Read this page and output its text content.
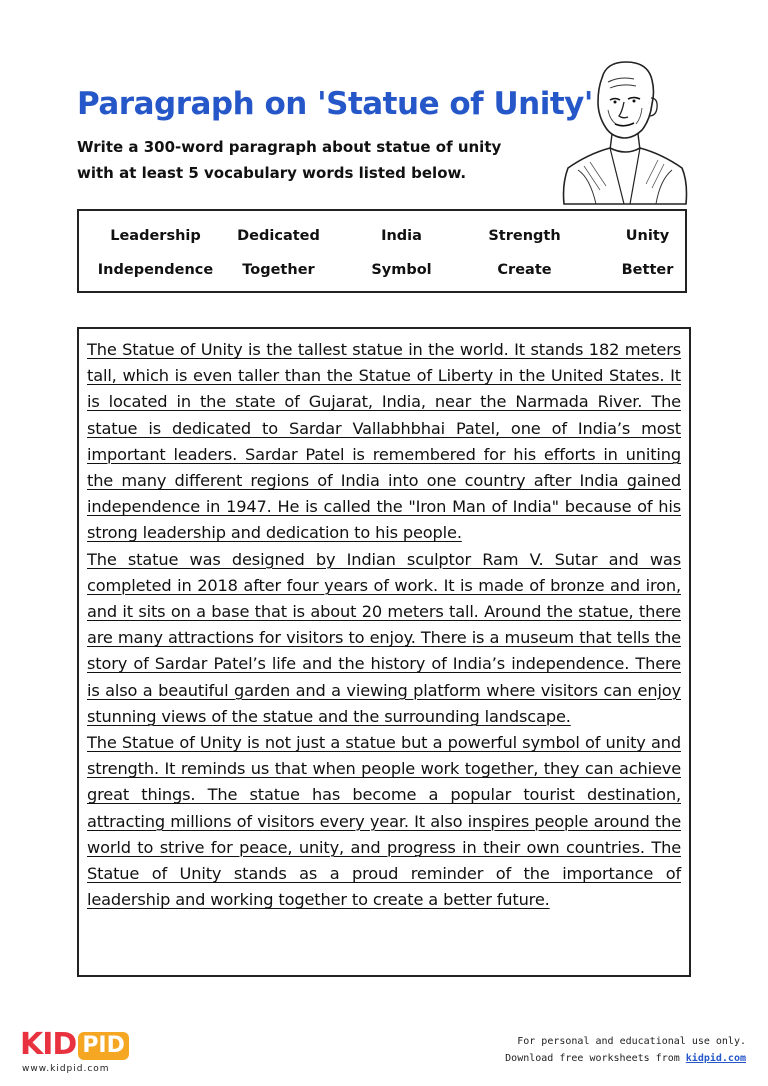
Paragraph on 'Statue of Unity'

Write a 300-word paragraph about statue of unity with at least 5 vocabulary words listed below.

Leadership	Dedicated	India	Strength	Unity
Independence	Together	Symbol	Create	Better

The Statue of Unity is the tallest statue in the world. It stands 182 meters tall, which is even taller than the Statue of Liberty in the United States. It is located in the state of Gujarat, India, near the Narmada River. The statue is dedicated to Sardar Vallabhbhai Patel, one of India’s most important leaders. Sardar Patel is remembered for his efforts in uniting the many different regions of India into one country after India gained independence in 1947. He is called the "Iron Man of India" because of his strong leadership and dedication to his people.

The statue was designed by Indian sculptor Ram V. Sutar and was completed in 2018 after four years of work. It is made of bronze and iron, and it sits on a base that is about 20 meters tall. Around the statue, there are many attractions for visitors to enjoy. There is a museum that tells the story of Sardar Patel’s life and the history of India’s independence. There is also a beautiful garden and a viewing platform where visitors can enjoy stunning views of the statue and the surrounding landscape.

The Statue of Unity is not just a statue but a powerful symbol of unity and strength. It reminds us that when people work together, they can achieve great things. The statue has become a popular tourist destination, attracting millions of visitors every year. It also inspires people around the world to strive for peace, unity, and progress in their own countries. The Statue of Unity stands as a proud reminder of the importance of leadership and working together to create a better future.

KID PID
www.kidpid.com
For personal and educational use only.
Download free worksheets from kidpid.com
